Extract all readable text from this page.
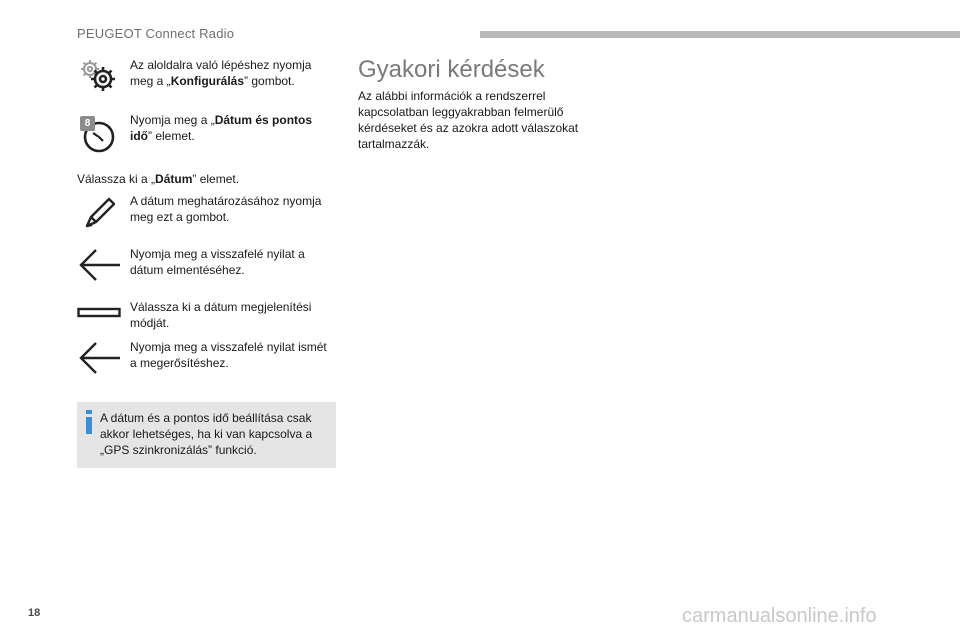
PEUGEOT Connect Radio
Az aloldalra való lépéshez nyomja meg a „Konfigurálás” gombot.
8	Nyomja meg a „Dátum és pontos idő” elemet.
Válassza ki a „Dátum” elemet.
A dátum meghatározásához nyomja meg ezt a gombot.
Nyomja meg a visszafelé nyilat a dátum elmentéséhez.
Válassza ki a dátum megjelenítési módját.
Nyomja meg a visszafelé nyilat ismét a megerősítéshez.
A dátum és a pontos idő beállítása csak akkor lehetséges, ha ki van kapcsolva a „GPS szinkronizálás” funkció.
Gyakori kérdések
Az alábbi információk a rendszerrel kapcsolatban leggyakrabban felmerülő kérdéseket és az azokra adott válaszokat tartalmazzák.
18	carmanualsonline.info
